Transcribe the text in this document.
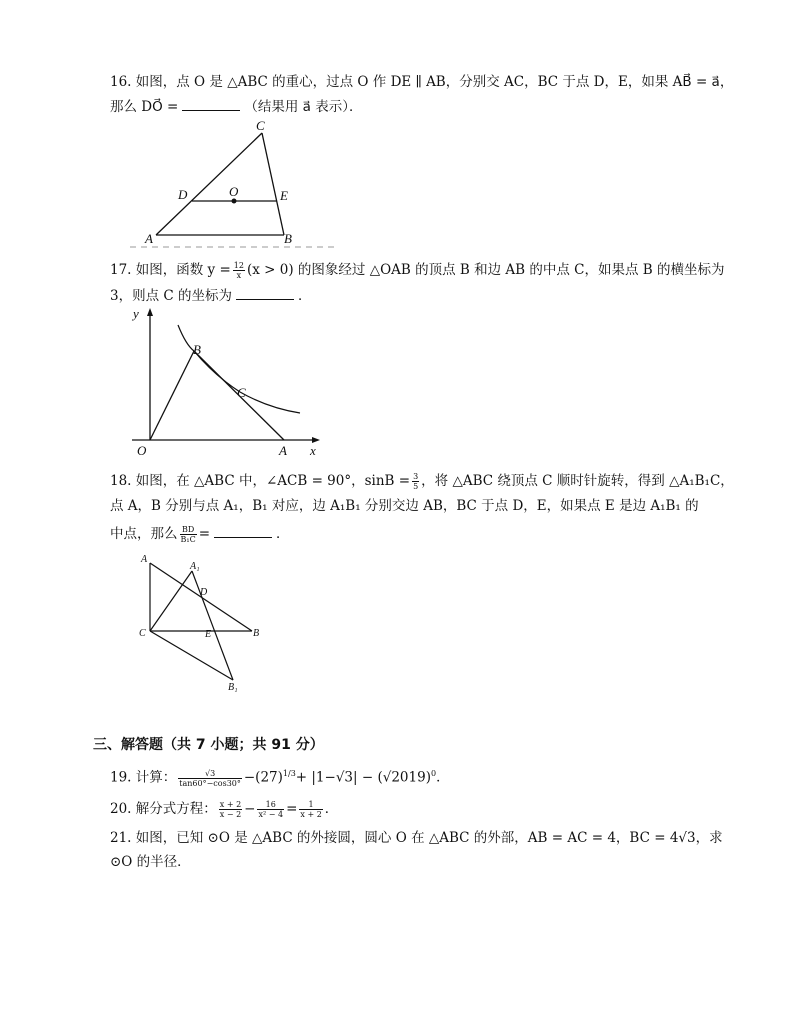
16. 如图，点 O 是 △ABC 的重心，过点 O 作 DE ∥ AB，分别交 AC，BC 于点 D，E，如果 AB⃗ = a⃗，
那么 DO⃗ =	（结果用 a⃗ 表示）．
C
D	O	E
A	B
17. 如图，函数 $y = \frac{12}{x} (x > 0)$ 的图象经过 △OAB 的顶点 B 和边 AB 的中点 C，如果点 B 的横坐标为
3，则点 C 的坐标为	．
y
x
O	A
B
C
18. 如图，在 △ABC 中，∠ACB = 90°，$\sin B = \frac{3}{5}$ ，将 △ABC 绕顶点 C 顺时针旋转，得到 △A₁B₁C，
点 A，B 分别与点 A₁，B₁ 对应，边 A₁B₁ 分别交边 AB，BC 于点 D，E，如果点 E 是边 A₁B₁ 的
中点，那么 $\frac{BD}{\text{B₁C}}$ =	．
A
A₁
D
C	E	B
B₁
三、解答题（共 7 小题；共 91 分）
19. 计算： $\frac{√3}{\tan 60^\circ-\cos 30^\circ} -(27)^{1/3}+ |1-√3| - (√2019)^0$．
20. 解分式方程： $\frac{x + 2}{x - 2} - \frac{16}{\text{x² − 4}} = \frac{1}{x + 2}$ ．
21. 如图，已知 ⊙O 是 △ABC 的外接圆，圆心 O 在 △ABC 的外部，AB = AC = 4，BC = 4√3，求
⊙O 的半径．
